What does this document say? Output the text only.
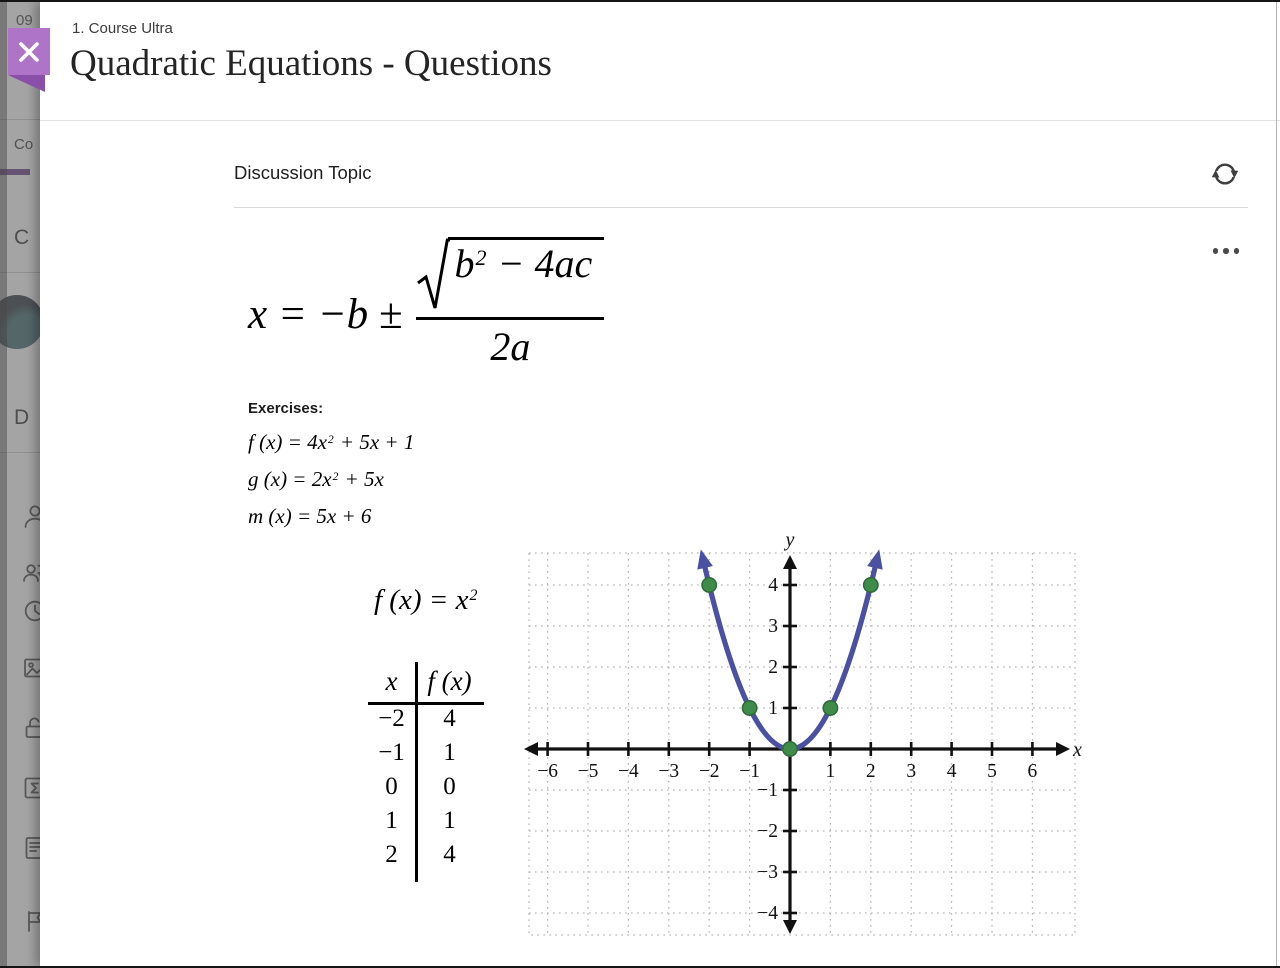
1. Course Ultra
Quadratic Equations - Questions
Discussion Topic
$x = -b \pm \frac{b^2 - 4ac}{2a}$
Exercises:
f $(x) = 4x^2 + 5x + 1$
g $(x) = 2x^2 + 5x$
m (x) = 5x + 6
f $(x) = x^2$
x	f (x)
−2	4
−1	1
0	0
1	1
2	4
−6 −5 −4 −3 −2 −1	1 2 3 4 5 6
−4
−3
−2
−1
1
2
3
4
x
y
